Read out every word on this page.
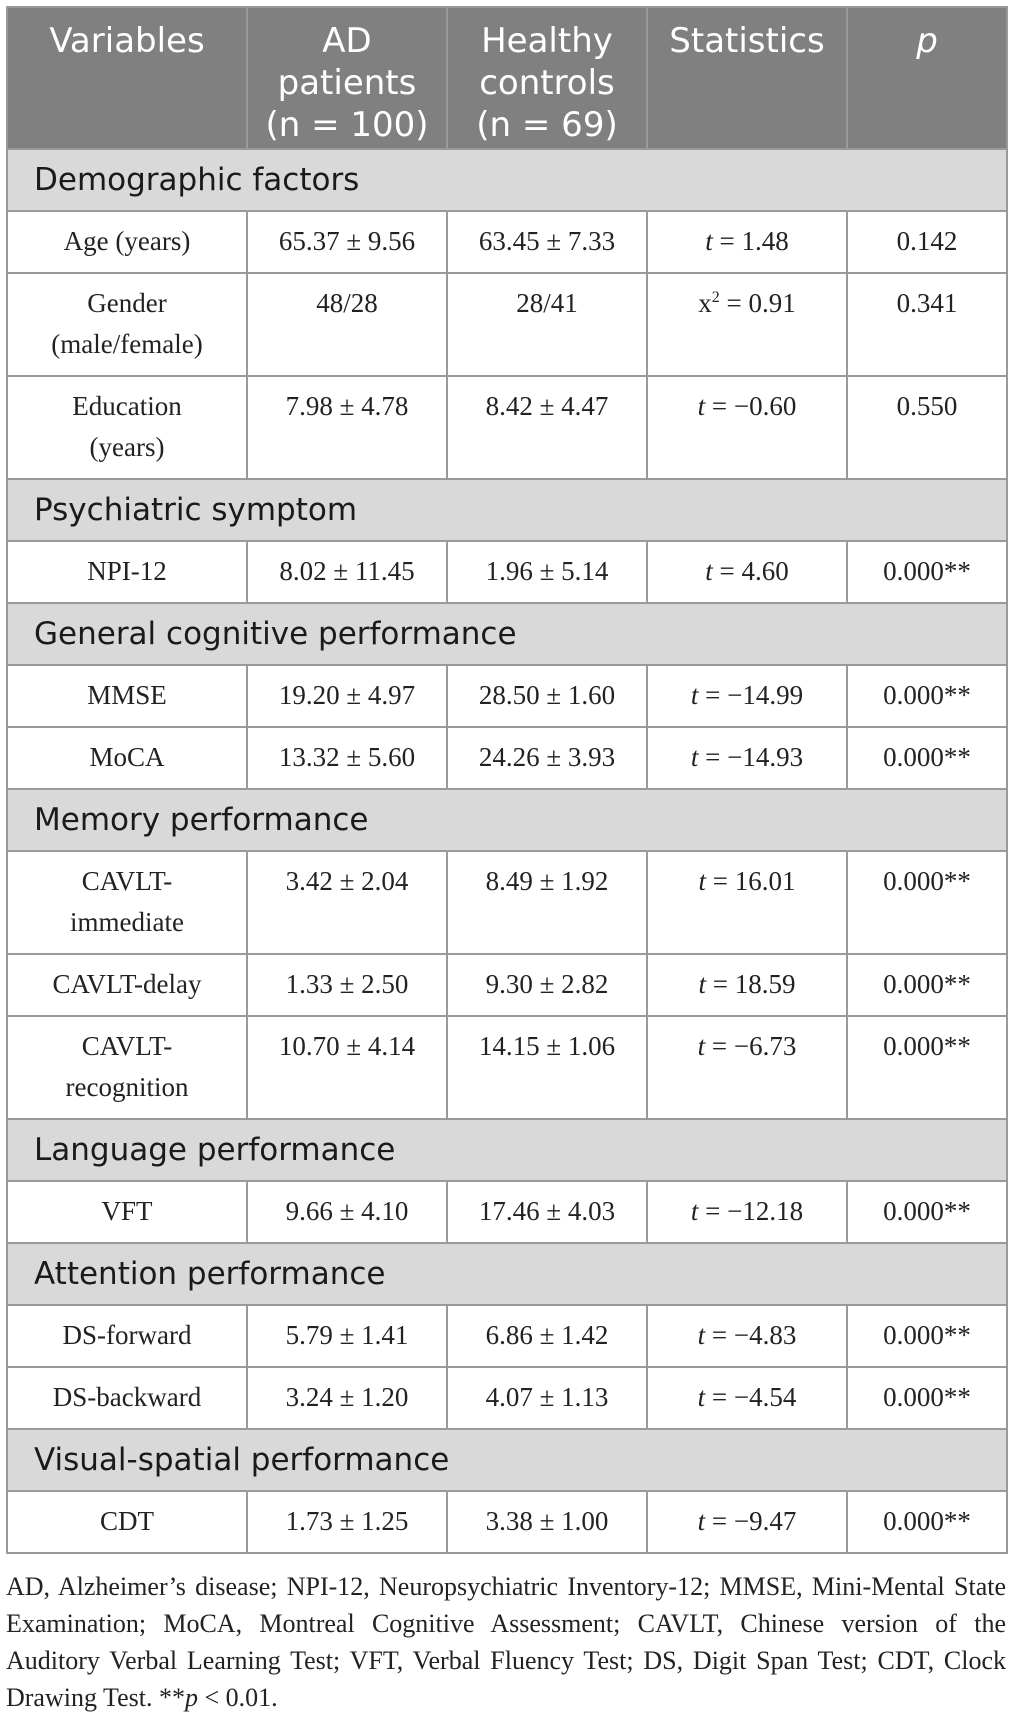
Variables	AD
patients
(n = 100)	Healthy
controls
(n = 69)	Statistics	p
Demographic factors				
Age (years)	65.37 ± 9.56	63.45 ± 7.33	t = 1.48	0.142
Gender
(male/female)	48/28	28/41	$x^2 = 0.91$	0.341
Education
(years)	7.98 ± 4.78	8.42 ± 4.47	t = −0.60	0.550
Psychiatric symptom				
NPI-12	8.02 ± 11.45	1.96 ± 5.14	t = 4.60	0.000**
General cognitive performance				
MMSE	19.20 ± 4.97	28.50 ± 1.60	t = −14.99	0.000**
MoCA	13.32 ± 5.60	24.26 ± 3.93	t = −14.93	0.000**
Memory performance				
CAVLT-
immediate	3.42 ± 2.04	8.49 ± 1.92	t = 16.01	0.000**
CAVLT-delay	1.33 ± 2.50	9.30 ± 2.82	t = 18.59	0.000**
CAVLT-
recognition	10.70 ± 4.14	14.15 ± 1.06	t = −6.73	0.000**
Language performance				
VFT	9.66 ± 4.10	17.46 ± 4.03	t = −12.18	0.000**
Attention performance				
DS-forward	5.79 ± 1.41	6.86 ± 1.42	t = −4.83	0.000**
DS-backward	3.24 ± 1.20	4.07 ± 1.13	t = −4.54	0.000**
Visual-spatial performance				
CDT	1.73 ± 1.25	3.38 ± 1.00	t = −9.47	0.000**
AD, Alzheimer’s disease; NPI-12, Neuropsychiatric Inventory-12; MMSE, Mini-Mental State Examination; MoCA, Montreal Cognitive Assessment; CAVLT, Chinese version of the Auditory Verbal Learning Test; VFT, Verbal Fluency Test; DS, Digit Span Test; CDT, Clock Drawing Test. **p < 0.01.
